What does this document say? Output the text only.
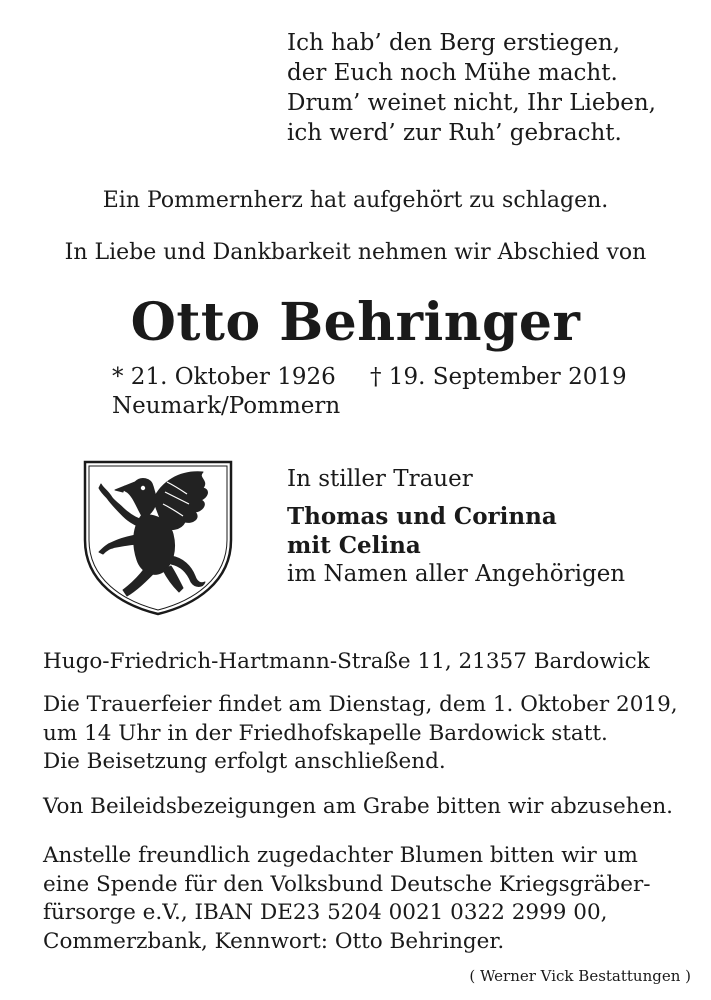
Ich hab’ den Berg erstiegen,
der Euch noch Mühe macht.
Drum’ weinet nicht, Ihr Lieben,
ich werd’ zur Ruh’ gebracht.
Ein Pommernherz hat aufgehört zu schlagen.
In Liebe und Dankbarkeit nehmen wir Abschied von
Otto Behringer
* 21. Oktober 1926
Neumark/Pommern
† 19. September 2019
In stiller Trauer
Thomas und Corinna
mit Celina
im Namen aller Angehörigen
Hugo-Friedrich-Hartmann-Straße 11, 21357 Bardowick
Die Trauerfeier findet am Dienstag, dem 1. Oktober 2019,
um 14 Uhr in der Friedhofskapelle Bardowick statt.
Die Beisetzung erfolgt anschließend.
Von Beileidsbezeigungen am Grabe bitten wir abzusehen.
Anstelle freundlich zugedachter Blumen bitten wir um
eine Spende für den Volksbund Deutsche Kriegsgräber-
fürsorge e.V., IBAN DE23 5204 0021 0322 2999 00,
Commerzbank, Kennwort: Otto Behringer.
( Werner Vick Bestattungen )
